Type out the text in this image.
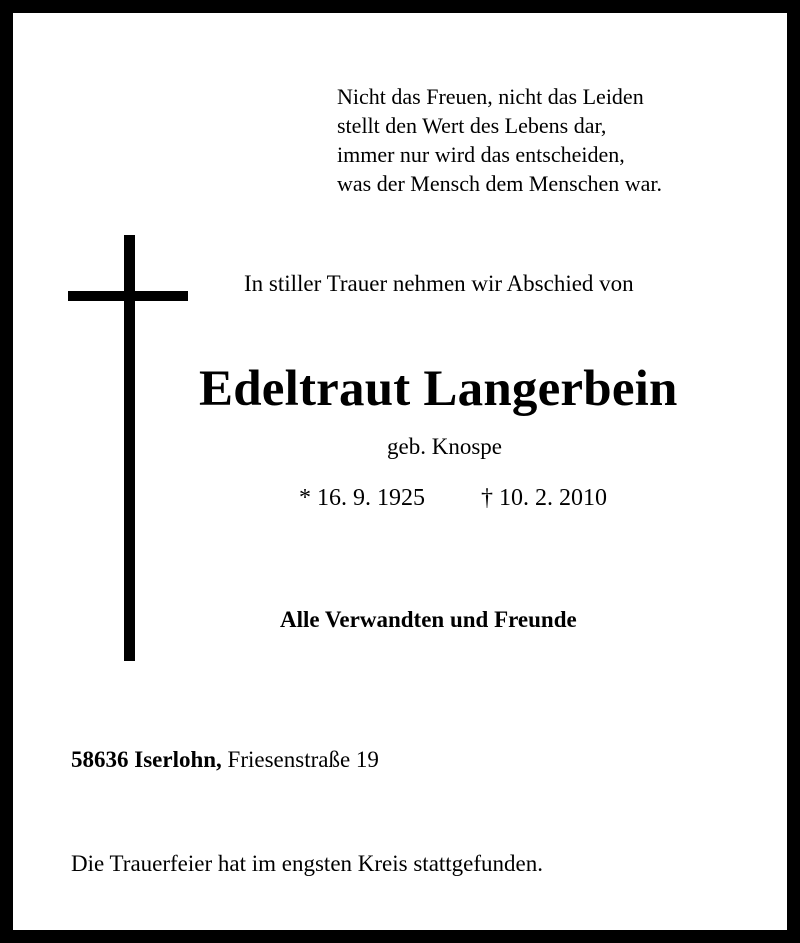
Nicht das Freuen, nicht das Leiden
stellt den Wert des Lebens dar,
immer nur wird das entscheiden,
was der Mensch dem Menschen war.
In stiller Trauer nehmen wir Abschied von
Edeltraut Langerbein
geb. Knospe
* 16. 9. 1925 † 10. 2. 2010
Alle Verwandten und Freunde
58636 Iserlohn, Friesenstraße 19
Die Trauerfeier hat im engsten Kreis stattgefunden.
